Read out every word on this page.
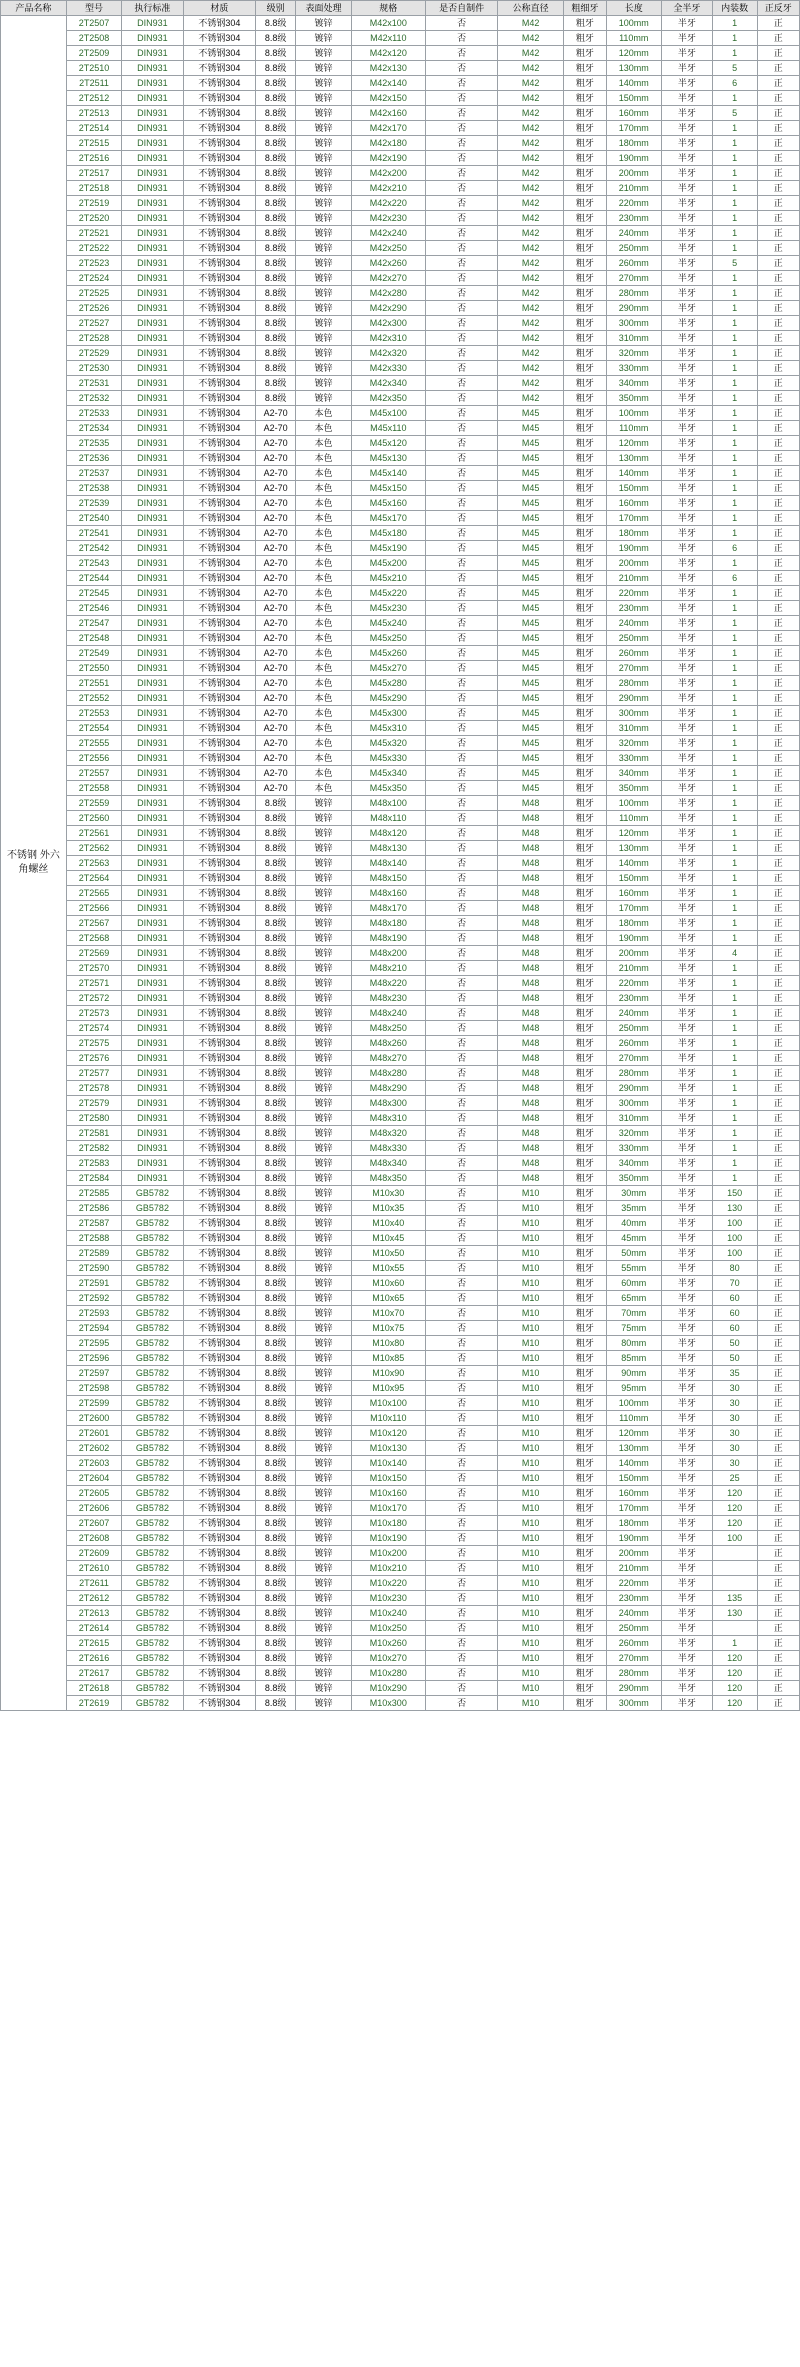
产品名称	型号	执行标准	材质	级别	表面处理	规格	是否自制件	公称直径	粗细牙	长度	全半牙	内装数	正反牙
不锈钢 外六角螺丝	2T2507	DIN931	不锈钢304	8.8级	镀锌	M42x100	否	M42	粗牙	100mm	半牙	1	正
	2T2508	DIN931	不锈钢304	8.8级	镀锌	M42x110	否	M42	粗牙	110mm	半牙	1	正
	2T2509	DIN931	不锈钢304	8.8级	镀锌	M42x120	否	M42	粗牙	120mm	半牙	1	正
	2T2510	DIN931	不锈钢304	8.8级	镀锌	M42x130	否	M42	粗牙	130mm	半牙	5	正
	2T2511	DIN931	不锈钢304	8.8级	镀锌	M42x140	否	M42	粗牙	140mm	半牙	6	正
	2T2512	DIN931	不锈钢304	8.8级	镀锌	M42x150	否	M42	粗牙	150mm	半牙	1	正
	2T2513	DIN931	不锈钢304	8.8级	镀锌	M42x160	否	M42	粗牙	160mm	半牙	5	正
	2T2514	DIN931	不锈钢304	8.8级	镀锌	M42x170	否	M42	粗牙	170mm	半牙	1	正
	2T2515	DIN931	不锈钢304	8.8级	镀锌	M42x180	否	M42	粗牙	180mm	半牙	1	正
	2T2516	DIN931	不锈钢304	8.8级	镀锌	M42x190	否	M42	粗牙	190mm	半牙	1	正
	2T2517	DIN931	不锈钢304	8.8级	镀锌	M42x200	否	M42	粗牙	200mm	半牙	1	正
	2T2518	DIN931	不锈钢304	8.8级	镀锌	M42x210	否	M42	粗牙	210mm	半牙	1	正
	2T2519	DIN931	不锈钢304	8.8级	镀锌	M42x220	否	M42	粗牙	220mm	半牙	1	正
	2T2520	DIN931	不锈钢304	8.8级	镀锌	M42x230	否	M42	粗牙	230mm	半牙	1	正
	2T2521	DIN931	不锈钢304	8.8级	镀锌	M42x240	否	M42	粗牙	240mm	半牙	1	正
	2T2522	DIN931	不锈钢304	8.8级	镀锌	M42x250	否	M42	粗牙	250mm	半牙	1	正
	2T2523	DIN931	不锈钢304	8.8级	镀锌	M42x260	否	M42	粗牙	260mm	半牙	5	正
	2T2524	DIN931	不锈钢304	8.8级	镀锌	M42x270	否	M42	粗牙	270mm	半牙	1	正
	2T2525	DIN931	不锈钢304	8.8级	镀锌	M42x280	否	M42	粗牙	280mm	半牙	1	正
	2T2526	DIN931	不锈钢304	8.8级	镀锌	M42x290	否	M42	粗牙	290mm	半牙	1	正
	2T2527	DIN931	不锈钢304	8.8级	镀锌	M42x300	否	M42	粗牙	300mm	半牙	1	正
	2T2528	DIN931	不锈钢304	8.8级	镀锌	M42x310	否	M42	粗牙	310mm	半牙	1	正
	2T2529	DIN931	不锈钢304	8.8级	镀锌	M42x320	否	M42	粗牙	320mm	半牙	1	正
	2T2530	DIN931	不锈钢304	8.8级	镀锌	M42x330	否	M42	粗牙	330mm	半牙	1	正
	2T2531	DIN931	不锈钢304	8.8级	镀锌	M42x340	否	M42	粗牙	340mm	半牙	1	正
	2T2532	DIN931	不锈钢304	8.8级	镀锌	M42x350	否	M42	粗牙	350mm	半牙	1	正
	2T2533	DIN931	不锈钢304	A2-70	本色	M45x100	否	M45	粗牙	100mm	半牙	1	正
	2T2534	DIN931	不锈钢304	A2-70	本色	M45x110	否	M45	粗牙	110mm	半牙	1	正
	2T2535	DIN931	不锈钢304	A2-70	本色	M45x120	否	M45	粗牙	120mm	半牙	1	正
	2T2536	DIN931	不锈钢304	A2-70	本色	M45x130	否	M45	粗牙	130mm	半牙	1	正
	2T2537	DIN931	不锈钢304	A2-70	本色	M45x140	否	M45	粗牙	140mm	半牙	1	正
	2T2538	DIN931	不锈钢304	A2-70	本色	M45x150	否	M45	粗牙	150mm	半牙	1	正
	2T2539	DIN931	不锈钢304	A2-70	本色	M45x160	否	M45	粗牙	160mm	半牙	1	正
	2T2540	DIN931	不锈钢304	A2-70	本色	M45x170	否	M45	粗牙	170mm	半牙	1	正
	2T2541	DIN931	不锈钢304	A2-70	本色	M45x180	否	M45	粗牙	180mm	半牙	1	正
	2T2542	DIN931	不锈钢304	A2-70	本色	M45x190	否	M45	粗牙	190mm	半牙	6	正
	2T2543	DIN931	不锈钢304	A2-70	本色	M45x200	否	M45	粗牙	200mm	半牙	1	正
	2T2544	DIN931	不锈钢304	A2-70	本色	M45x210	否	M45	粗牙	210mm	半牙	6	正
	2T2545	DIN931	不锈钢304	A2-70	本色	M45x220	否	M45	粗牙	220mm	半牙	1	正
	2T2546	DIN931	不锈钢304	A2-70	本色	M45x230	否	M45	粗牙	230mm	半牙	1	正
	2T2547	DIN931	不锈钢304	A2-70	本色	M45x240	否	M45	粗牙	240mm	半牙	1	正
	2T2548	DIN931	不锈钢304	A2-70	本色	M45x250	否	M45	粗牙	250mm	半牙	1	正
	2T2549	DIN931	不锈钢304	A2-70	本色	M45x260	否	M45	粗牙	260mm	半牙	1	正
	2T2550	DIN931	不锈钢304	A2-70	本色	M45x270	否	M45	粗牙	270mm	半牙	1	正
	2T2551	DIN931	不锈钢304	A2-70	本色	M45x280	否	M45	粗牙	280mm	半牙	1	正
	2T2552	DIN931	不锈钢304	A2-70	本色	M45x290	否	M45	粗牙	290mm	半牙	1	正
	2T2553	DIN931	不锈钢304	A2-70	本色	M45x300	否	M45	粗牙	300mm	半牙	1	正
	2T2554	DIN931	不锈钢304	A2-70	本色	M45x310	否	M45	粗牙	310mm	半牙	1	正
	2T2555	DIN931	不锈钢304	A2-70	本色	M45x320	否	M45	粗牙	320mm	半牙	1	正
	2T2556	DIN931	不锈钢304	A2-70	本色	M45x330	否	M45	粗牙	330mm	半牙	1	正
	2T2557	DIN931	不锈钢304	A2-70	本色	M45x340	否	M45	粗牙	340mm	半牙	1	正
	2T2558	DIN931	不锈钢304	A2-70	本色	M45x350	否	M45	粗牙	350mm	半牙	1	正
	2T2559	DIN931	不锈钢304	8.8级	镀锌	M48x100	否	M48	粗牙	100mm	半牙	1	正
	2T2560	DIN931	不锈钢304	8.8级	镀锌	M48x110	否	M48	粗牙	110mm	半牙	1	正
	2T2561	DIN931	不锈钢304	8.8级	镀锌	M48x120	否	M48	粗牙	120mm	半牙	1	正
	2T2562	DIN931	不锈钢304	8.8级	镀锌	M48x130	否	M48	粗牙	130mm	半牙	1	正
	2T2563	DIN931	不锈钢304	8.8级	镀锌	M48x140	否	M48	粗牙	140mm	半牙	1	正
	2T2564	DIN931	不锈钢304	8.8级	镀锌	M48x150	否	M48	粗牙	150mm	半牙	1	正
	2T2565	DIN931	不锈钢304	8.8级	镀锌	M48x160	否	M48	粗牙	160mm	半牙	1	正
	2T2566	DIN931	不锈钢304	8.8级	镀锌	M48x170	否	M48	粗牙	170mm	半牙	1	正
	2T2567	DIN931	不锈钢304	8.8级	镀锌	M48x180	否	M48	粗牙	180mm	半牙	1	正
	2T2568	DIN931	不锈钢304	8.8级	镀锌	M48x190	否	M48	粗牙	190mm	半牙	1	正
	2T2569	DIN931	不锈钢304	8.8级	镀锌	M48x200	否	M48	粗牙	200mm	半牙	4	正
	2T2570	DIN931	不锈钢304	8.8级	镀锌	M48x210	否	M48	粗牙	210mm	半牙	1	正
	2T2571	DIN931	不锈钢304	8.8级	镀锌	M48x220	否	M48	粗牙	220mm	半牙	1	正
	2T2572	DIN931	不锈钢304	8.8级	镀锌	M48x230	否	M48	粗牙	230mm	半牙	1	正
	2T2573	DIN931	不锈钢304	8.8级	镀锌	M48x240	否	M48	粗牙	240mm	半牙	1	正
	2T2574	DIN931	不锈钢304	8.8级	镀锌	M48x250	否	M48	粗牙	250mm	半牙	1	正
	2T2575	DIN931	不锈钢304	8.8级	镀锌	M48x260	否	M48	粗牙	260mm	半牙	1	正
	2T2576	DIN931	不锈钢304	8.8级	镀锌	M48x270	否	M48	粗牙	270mm	半牙	1	正
	2T2577	DIN931	不锈钢304	8.8级	镀锌	M48x280	否	M48	粗牙	280mm	半牙	1	正
	2T2578	DIN931	不锈钢304	8.8级	镀锌	M48x290	否	M48	粗牙	290mm	半牙	1	正
	2T2579	DIN931	不锈钢304	8.8级	镀锌	M48x300	否	M48	粗牙	300mm	半牙	1	正
	2T2580	DIN931	不锈钢304	8.8级	镀锌	M48x310	否	M48	粗牙	310mm	半牙	1	正
	2T2581	DIN931	不锈钢304	8.8级	镀锌	M48x320	否	M48	粗牙	320mm	半牙	1	正
	2T2582	DIN931	不锈钢304	8.8级	镀锌	M48x330	否	M48	粗牙	330mm	半牙	1	正
	2T2583	DIN931	不锈钢304	8.8级	镀锌	M48x340	否	M48	粗牙	340mm	半牙	1	正
	2T2584	DIN931	不锈钢304	8.8级	镀锌	M48x350	否	M48	粗牙	350mm	半牙	1	正
	2T2585	GB5782	不锈钢304	8.8级	镀锌	M10x30	否	M10	粗牙	30mm	半牙	150	正
	2T2586	GB5782	不锈钢304	8.8级	镀锌	M10x35	否	M10	粗牙	35mm	半牙	130	正
	2T2587	GB5782	不锈钢304	8.8级	镀锌	M10x40	否	M10	粗牙	40mm	半牙	100	正
	2T2588	GB5782	不锈钢304	8.8级	镀锌	M10x45	否	M10	粗牙	45mm	半牙	100	正
	2T2589	GB5782	不锈钢304	8.8级	镀锌	M10x50	否	M10	粗牙	50mm	半牙	100	正
	2T2590	GB5782	不锈钢304	8.8级	镀锌	M10x55	否	M10	粗牙	55mm	半牙	80	正
	2T2591	GB5782	不锈钢304	8.8级	镀锌	M10x60	否	M10	粗牙	60mm	半牙	70	正
	2T2592	GB5782	不锈钢304	8.8级	镀锌	M10x65	否	M10	粗牙	65mm	半牙	60	正
	2T2593	GB5782	不锈钢304	8.8级	镀锌	M10x70	否	M10	粗牙	70mm	半牙	60	正
	2T2594	GB5782	不锈钢304	8.8级	镀锌	M10x75	否	M10	粗牙	75mm	半牙	60	正
	2T2595	GB5782	不锈钢304	8.8级	镀锌	M10x80	否	M10	粗牙	80mm	半牙	50	正
	2T2596	GB5782	不锈钢304	8.8级	镀锌	M10x85	否	M10	粗牙	85mm	半牙	50	正
	2T2597	GB5782	不锈钢304	8.8级	镀锌	M10x90	否	M10	粗牙	90mm	半牙	35	正
	2T2598	GB5782	不锈钢304	8.8级	镀锌	M10x95	否	M10	粗牙	95mm	半牙	30	正
	2T2599	GB5782	不锈钢304	8.8级	镀锌	M10x100	否	M10	粗牙	100mm	半牙	30	正
	2T2600	GB5782	不锈钢304	8.8级	镀锌	M10x110	否	M10	粗牙	110mm	半牙	30	正
	2T2601	GB5782	不锈钢304	8.8级	镀锌	M10x120	否	M10	粗牙	120mm	半牙	30	正
	2T2602	GB5782	不锈钢304	8.8级	镀锌	M10x130	否	M10	粗牙	130mm	半牙	30	正
	2T2603	GB5782	不锈钢304	8.8级	镀锌	M10x140	否	M10	粗牙	140mm	半牙	30	正
	2T2604	GB5782	不锈钢304	8.8级	镀锌	M10x150	否	M10	粗牙	150mm	半牙	25	正
	2T2605	GB5782	不锈钢304	8.8级	镀锌	M10x160	否	M10	粗牙	160mm	半牙	120	正
	2T2606	GB5782	不锈钢304	8.8级	镀锌	M10x170	否	M10	粗牙	170mm	半牙	120	正
	2T2607	GB5782	不锈钢304	8.8级	镀锌	M10x180	否	M10	粗牙	180mm	半牙	120	正
	2T2608	GB5782	不锈钢304	8.8级	镀锌	M10x190	否	M10	粗牙	190mm	半牙	100	正
	2T2609	GB5782	不锈钢304	8.8级	镀锌	M10x200	否	M10	粗牙	200mm	半牙		正
	2T2610	GB5782	不锈钢304	8.8级	镀锌	M10x210	否	M10	粗牙	210mm	半牙		正
	2T2611	GB5782	不锈钢304	8.8级	镀锌	M10x220	否	M10	粗牙	220mm	半牙		正
	2T2612	GB5782	不锈钢304	8.8级	镀锌	M10x230	否	M10	粗牙	230mm	半牙	135	正
	2T2613	GB5782	不锈钢304	8.8级	镀锌	M10x240	否	M10	粗牙	240mm	半牙	130	正
	2T2614	GB5782	不锈钢304	8.8级	镀锌	M10x250	否	M10	粗牙	250mm	半牙		正
	2T2615	GB5782	不锈钢304	8.8级	镀锌	M10x260	否	M10	粗牙	260mm	半牙	1	正
	2T2616	GB5782	不锈钢304	8.8级	镀锌	M10x270	否	M10	粗牙	270mm	半牙	120	正
	2T2617	GB5782	不锈钢304	8.8级	镀锌	M10x280	否	M10	粗牙	280mm	半牙	120	正
	2T2618	GB5782	不锈钢304	8.8级	镀锌	M10x290	否	M10	粗牙	290mm	半牙	120	正
	2T2619	GB5782	不锈钢304	8.8级	镀锌	M10x300	否	M10	粗牙	300mm	半牙	120	正
